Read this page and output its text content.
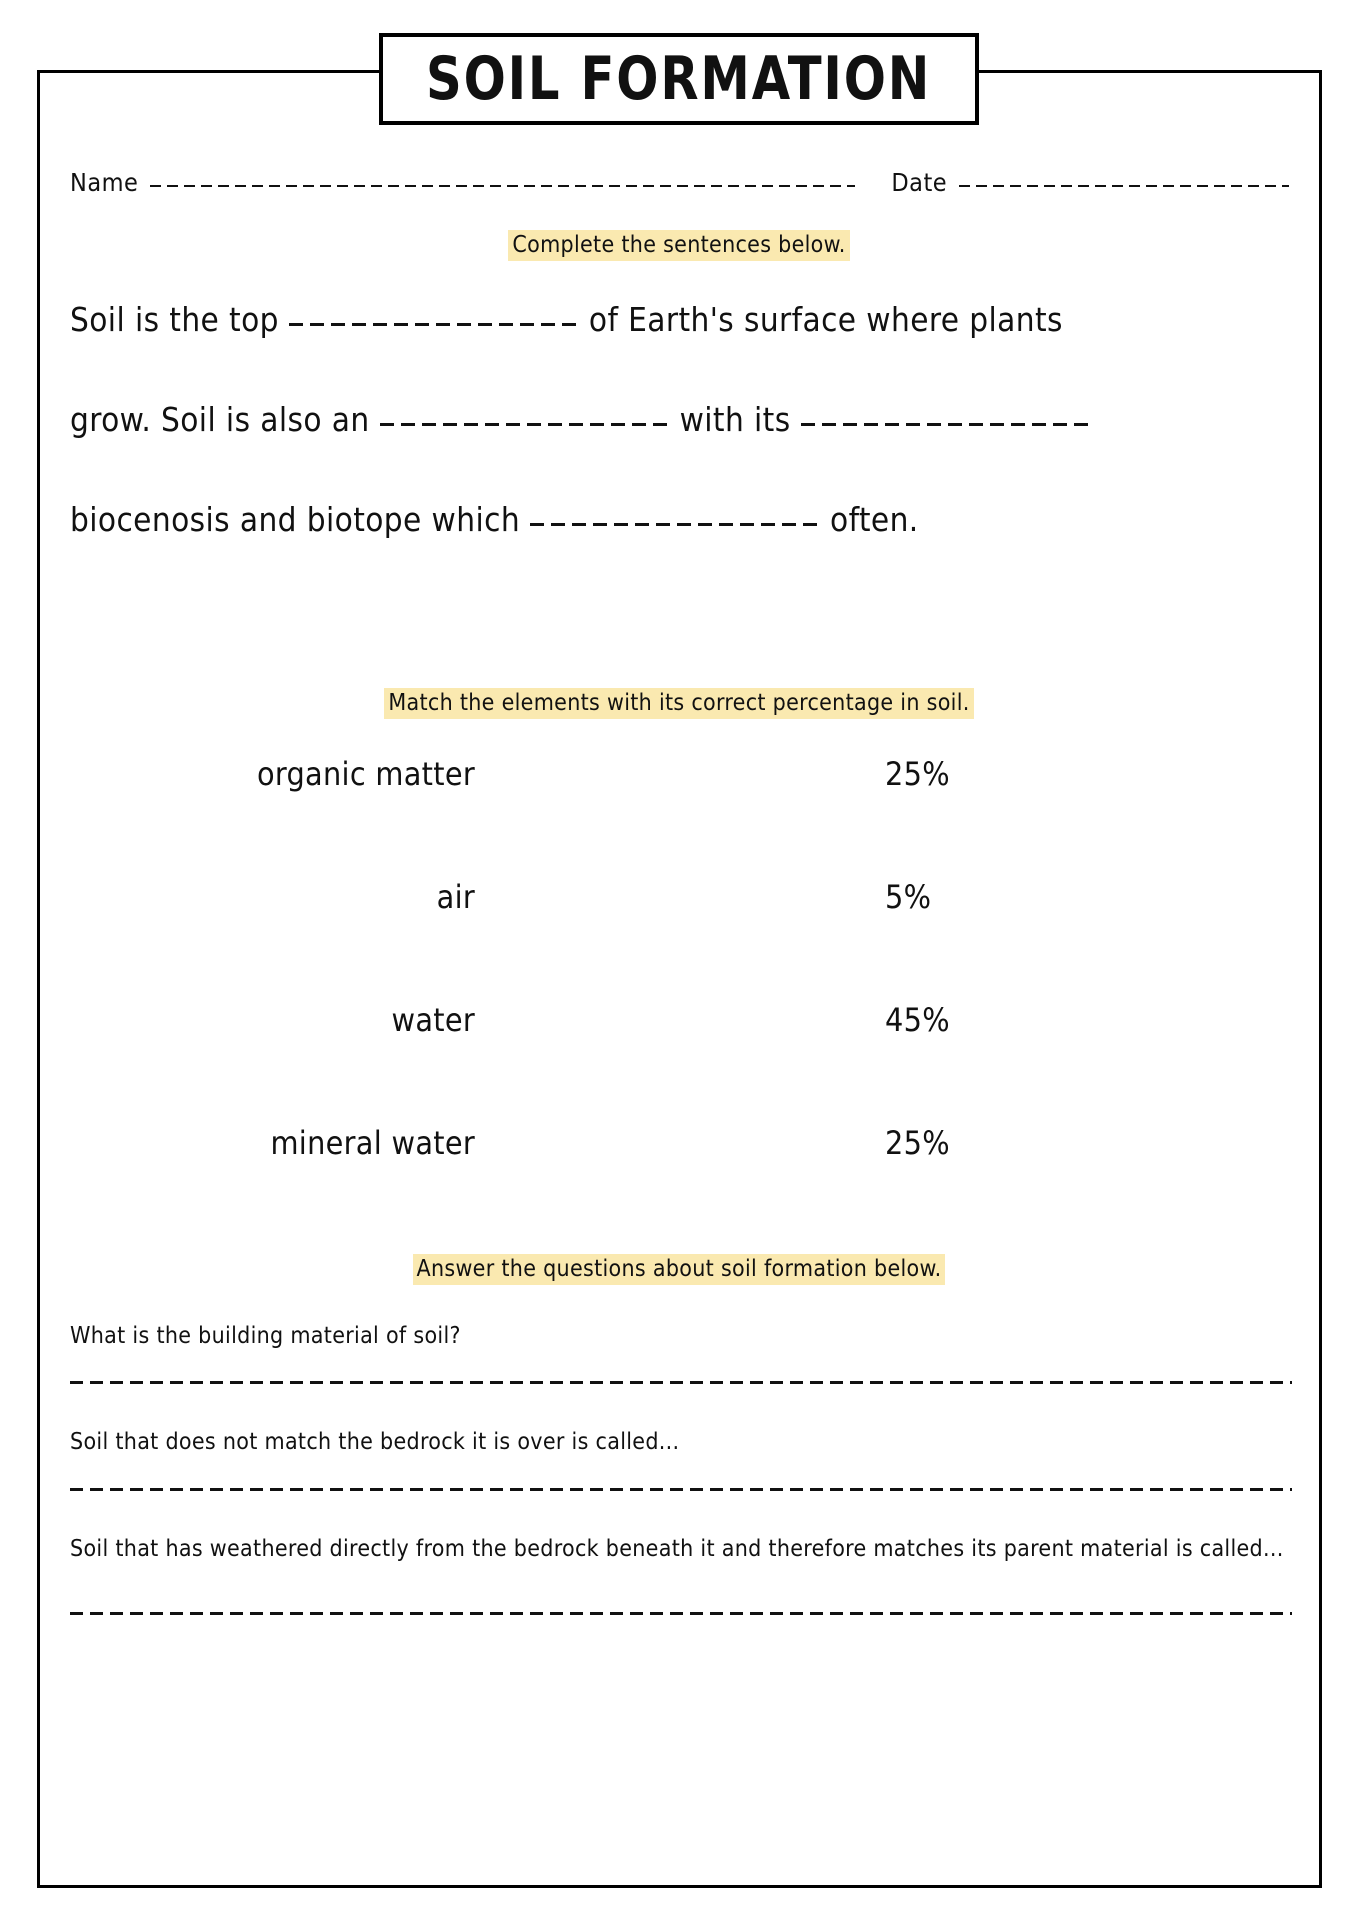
SOIL FORMATION
Name	Date
Complete the sentences below.
Soil is the top	of Earth's surface where plants
grow. Soil is also an	with its
biocenosis and biotope which	often.
Match the elements with its correct percentage in soil.
organic matter	25%
air	5%
water	45%
mineral water	25%
Answer the questions about soil formation below.
What is the building material of soil?
Soil that does not match the bedrock it is over is called...
Soil that has weathered directly from the bedrock beneath it and therefore matches its parent material is called...
